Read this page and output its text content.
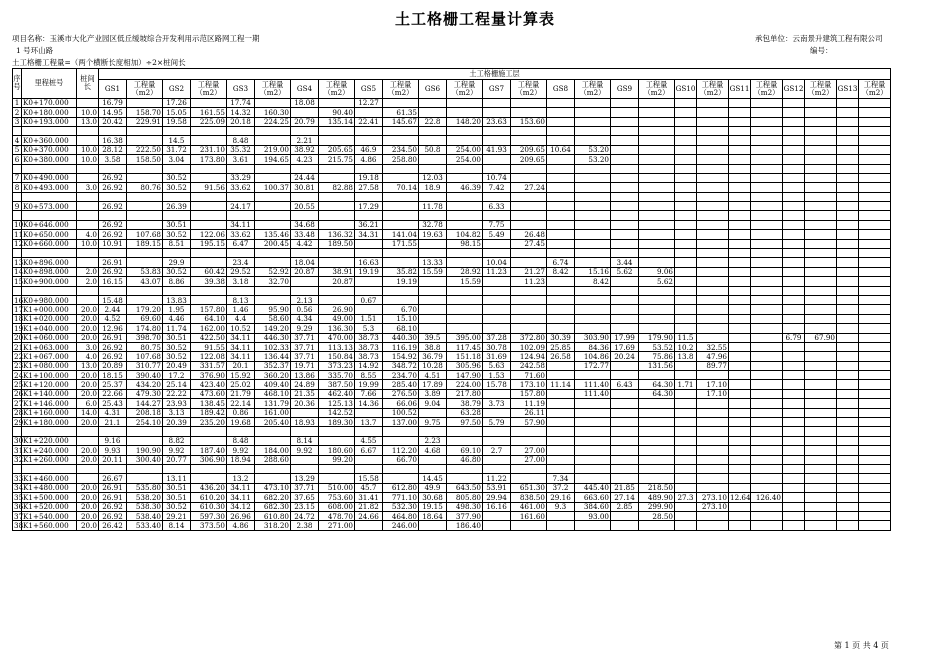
土工格栅工程量计算表
项目名称：玉溪市大化产业园区低丘缓坡综合开发利用示范区路网工程一期	承包单位：云南景升建筑工程有限公司
1 号环山路	编号：
土工格栅工程量=（两个横断长度相加）÷2×桩间长
序号	里程桩号	桩间长	土工格栅施工层																									
			GS1	工程量（m2）	GS2	工程量（m2）	GS3	工程量（m2）	GS4	工程量（m2）	GS5	工程量（m2）	GS6	工程量（m2）	GS7	工程量（m2）	GS8	工程量（m2）	GS9	工程量（m2）	GS10	工程量（m2）	GS11	工程量（m2）	GS12	工程量（m2）	GS13	工程量（m2）
1	K0+170.000		16.79		17.26		17.74		18.08		12.27																	
2	K0+180.000	10.0	14.95	158.70	15.05	161.55	14.32	160.30		90.40		61.35																
3	K0+193.000	13.0	20.42	229.91	19.58	225.09	20.18	224.25	20.79	135.14	22.41	145.67	22.8	148.20	23.63	153.60												

4	K0+360.000		16.38		14.5		8.48		2.21																			
5	K0+370.000	10.0	28.12	222.50	31.72	231.10	35.32	219.00	38.92	205.65	46.9	234.50	50.8	254.00	41.93	209.65	10.64	53.20										
6	K0+380.000	10.0	3.58	158.50	3.04	173.80	3.61	194.65	4.23	215.75	4.86	258.80		254.00		209.65		53.20										

7	K0+490.000		26.92		30.52		33.29		24.44		19.18		12.03		10.74													
8	K0+493.000	3.0	26.92	80.76	30.52	91.56	33.62	100.37	30.81	82.88	27.58	70.14	18.9	46.39	7.42	27.24												

9	K0+573.000		26.92		26.39		24.17		20.55		17.29		11.78		6.33													

10	K0+646.000		26.92		30.51		34.11		34.68		36.21		32.78		7.75													
11	K0+650.000	4.0	26.92	107.68	30.52	122.06	33.62	135.46	33.48	136.32	34.31	141.04	19.63	104.82	5.49	26.48												
12	K0+660.000	10.0	10.91	189.15	8.51	195.15	6.47	200.45	4.42	189.50		171.55		98.15		27.45												

13	K0+896.000		26.91		29.9		23.4		18.04		16.63		13.33		10.04		6.74		3.44									
14	K0+898.000	2.0	26.92	53.83	30.52	60.42	29.52	52.92	20.87	38.91	19.19	35.82	15.59	28.92	11.23	21.27	8.42	15.16	5.62	9.06								
15	K0+900.000	2.0	16.15	43.07	8.86	39.38	3.18	32.70		20.87		19.19		15.59		11.23		8.42		5.62								

16	K0+980.000		15.48		13.83		8.13		2.13		0.67																	
17	K1+000.000	20.0	2.44	179.20	1.95	157.80	1.46	95.90	0.56	26.90		6.70																
18	K1+020.000	20.0	4.52	69.60	4.46	64.10	4.4	58.60	4.34	49.00	1.51	15.10																
19	K1+040.000	20.0	12.96	174.80	11.74	162.00	10.52	149.20	9.29	136.30	5.3	68.10																
20	K1+060.000	20.0	26.91	398.70	30.51	422.50	34.11	446.30	37.71	470.00	38.73	440.30	39.5	395.00	37.28	372.80	30.39	303.90	17.99	179.90	11.5				6.79	67.90		
21	K1+063.000	3.0	26.92	80.75	30.52	91.55	34.11	102.33	37.71	113.13	38.73	116.19	38.8	117.45	30.78	102.09	25.85	84.36	17.69	53.52	10.2	32.55						
22	K1+067.000	4.0	26.92	107.68	30.52	122.08	34.11	136.44	37.71	150.84	38.73	154.92	36.79	151.18	31.69	124.94	26.58	104.86	20.24	75.86	13.8	47.96						
23	K1+080.000	13.0	20.89	310.77	20.49	331.57	20.1	352.37	19.71	373.23	14.92	348.72	10.28	305.96	5.63	242.58		172.77		131.56		89.77						
24	K1+100.000	20.0	18.15	390.40	17.2	376.90	15.92	360.20	13.86	335.70	8.55	234.70	4.51	147.90	1.53	71.60												
25	K1+120.000	20.0	25.37	434.20	25.14	423.40	25.02	409.40	24.89	387.50	19.99	285.40	17.89	224.00	15.78	173.10	11.14	111.40	6.43	64.30	1.71	17.10						
26	K1+140.000	20.0	22.66	479.30	22.22	473.60	21.79	468.10	21.35	462.40	7.66	276.50	3.89	217.80		157.80		111.40		64.30		17.10						
27	K1+146.000	6.0	25.43	144.27	23.93	138.45	22.14	131.79	20.36	125.13	14.36	66.06	9.04	38.79	3.73	11.19												
28	K1+160.000	14.0	4.31	208.18	3.13	189.42	0.86	161.00		142.52		100.52		63.28		26.11												
29	K1+180.000	20.0	21.1	254.10	20.39	235.20	19.68	205.40	18.93	189.30	13.7	137.00	9.75	97.50	5.79	57.90												

30	K1+220.000		9.16		8.82		8.48		8.14		4.55		2.23															
31	K1+240.000	20.0	9.93	190.90	9.92	187.40	9.92	184.00	9.92	180.60	6.67	112.20	4.68	69.10	2.7	27.00												
32	K1+260.000	20.0	20.11	300.40	20.77	306.90	18.94	288.60		99.20		66.70		46.80		27.00												

33	K1+460.000		26.67		13.11		13.2		13.29		15.58		14.45		11.22		7.34											
34	K1+480.000	20.0	26.91	535.80	30.51	436.20	34.11	473.10	37.71	510.00	45.7	612.80	49.9	643.50	53.91	651.30	37.2	445.40	21.85	218.50								
35	K1+500.000	20.0	26.91	538.20	30.51	610.20	34.11	682.20	37.65	753.60	31.41	771.10	30.68	805.80	29.94	838.50	29.16	663.60	27.14	489.90	27.3	273.10	12.64	126.40				
36	K1+520.000	20.0	26.92	538.30	30.52	610.30	34.12	682.30	23.15	608.00	21.82	532.30	19.15	498.30	16.16	461.00	9.3	384.60	2.85	299.90		273.10						
37	K1+540.000	20.0	26.92	538.40	29.21	597.30	26.96	610.80	24.72	478.70	24.66	464.80	18.64	377.90		161.60		93.00		28.50								
38	K1+560.000	20.0	26.42	533.40	8.14	373.50	4.86	318.20	2.38	271.00		246.00		186.40														
第 1 页 共 4 页
